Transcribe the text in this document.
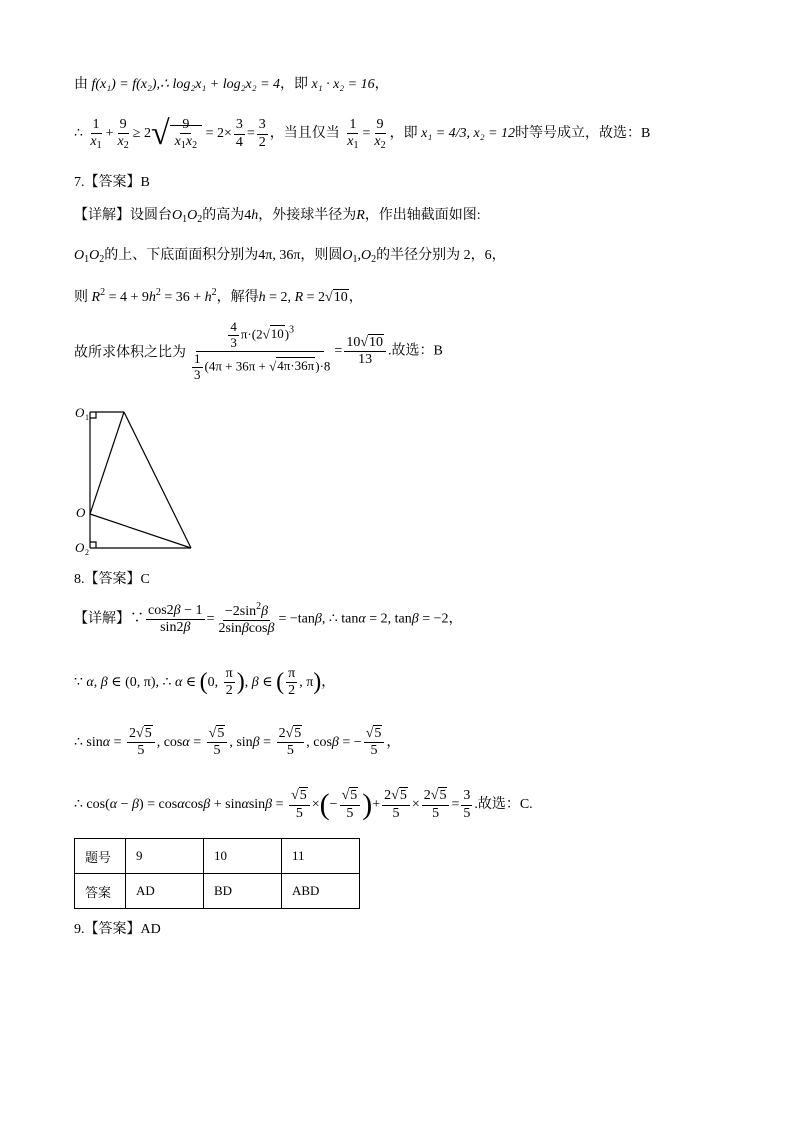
由 f(x₁) = f(x₂),∴ log₂x₁ + log₂x₂ = 4，即 x₁ · x₂ = 16，
∴ $\frac{1}{x_1} + \frac{9}{x_2} \ge 2√ \frac{9}{x_1x_2} = 2\times \frac{3}{4} = \frac{3}{2}$ ，当且仅当 $\frac{1}{x_1} = \frac{9}{x_2}$ ，即 x₁ = 4/3, x₂ = 12时等号成立，故选：B
7.【答案】B
【详解】设圆台$O_1O_2$的高为4h，外接球半径为R，作出轴截面如图:
$O_1O_2$的上、下底面面积分别为4π, 36π，则圆$O_1,O_2$的半径分别为 2，6，
则 $R^2 = 4 + 9h^2 = 36 + h^2$，解得h = 2, R = 2√10，
故所求体积之比为 $\frac{\frac{4}{3} \pi\cdot(2√10)^3}{\frac{1}{3} (4\pi + 36\pi + √4\pi\cdot 36\pi)\cdot 8} = \frac{10√10}{13}$ .故选：B
O 1
O
O 2
8.【答案】C
【详解】∵ $\frac{\cos 2\beta - 1}{\sin 2\beta} = \frac{-2\sin^2\beta}{2\sin\beta\cos\beta} = -\tan\beta$, ∴ tanα = 2, tanβ = −2，
∵ α, β ∈ (0, π), ∴ α ∈ (0, $\frac{\pi}{2}$ ), β ∈ ( $\frac{\pi}{2}$ , π)，
∴ $\sin\alpha = \frac{2√5}{5}$ , $\cos\alpha = \frac{√5}{5}$ , $\sin\beta = \frac{2√5}{5}$ , cosβ = − $\frac{√5}{5}$ ，
∴ $\cos(\alpha - \beta) = \cos\alpha\cos\beta + \sin\alpha\sin\beta = \frac{√5}{5}$ ×(− $\frac{√5}{5}$ )+ $\frac{2√5}{5} \times \frac{2√5}{5} = \frac{3}{5}$ .故选：C.
题号	9	10	11
答案	AD	BD	ABD
9.【答案】AD
